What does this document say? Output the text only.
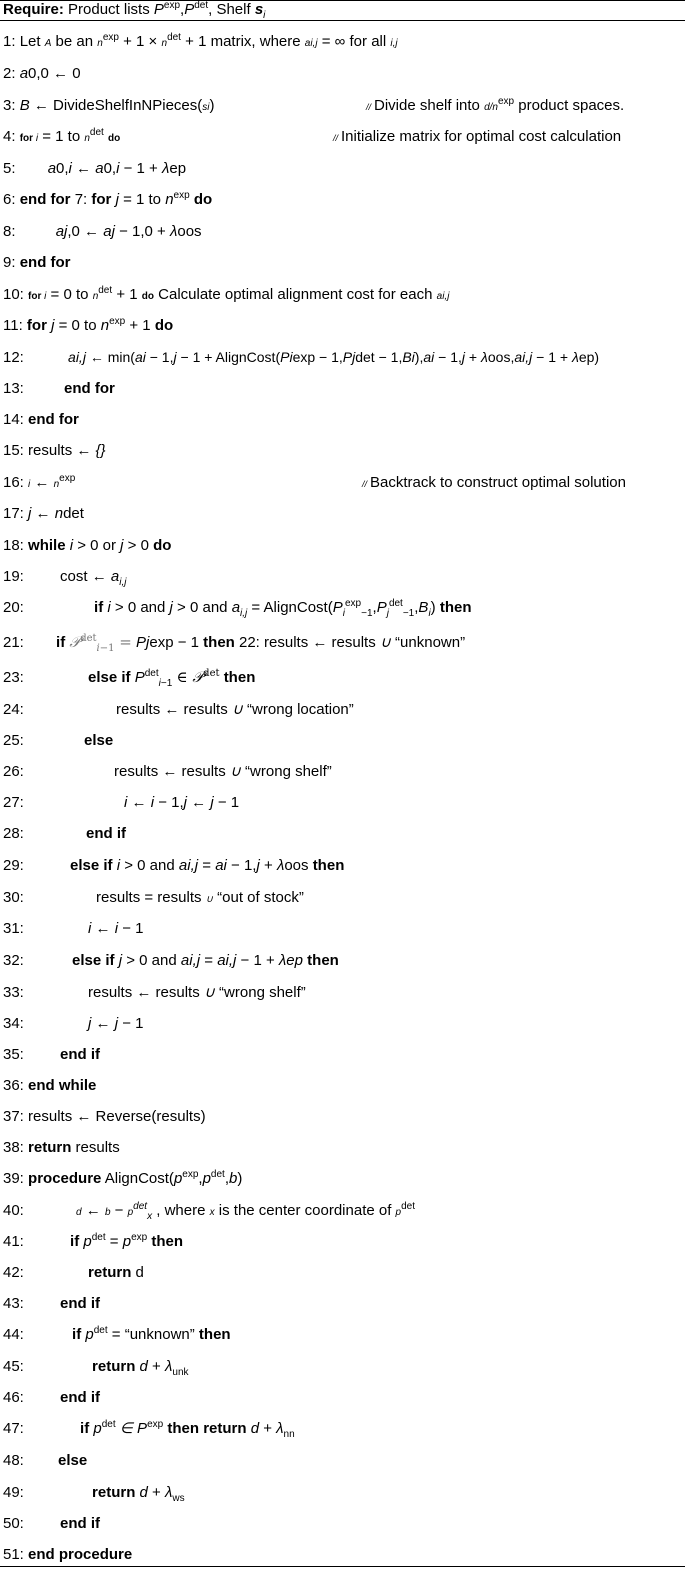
Require: Product lists $P^{exp},P^{det}$, Shelf $s_i$
1: Let A be an $n^{exp} + 1 \times n^{det} + 1$ matrix, where ai,j = ∞ for all i,j
2: a0,0 ← 0
3: B ← DivideShelfInNPieces(si)	// Divide shelf into $d/n^{exp}$ product spaces.
4: for i = 1 to $n^{det}$ do	// Initialize matrix for optimal cost calculation
5: a0,i ← a0,i − 1 + λep
6: end for 7: for j = 1 to $n^{exp}$ do
8:	aj,0 ← aj − 1,0 + λoos
9: end for
10: for i = 0 to $n^{det} + 1$ do Calculate optimal alignment cost for each ai,j
11: for j = 0 to $n^{exp} + 1$ do
12:	ai,j ← min(ai − 1,j − 1 + AlignCost(Piexp − 1,Pjdet − 1,Bi),ai − 1,j + λoos,ai,j − 1 + λep)
13:	end for
14: end for
15: results ← {}
16: i ← $n^{exp}$	// Backtrack to construct optimal solution
17: j ← ndet
18: while i > 0 or j > 0 do
19: cost ← $a_{i,j}$
20:	if i > 0 and j > 0 and $a_{i,j}$ = $AlignCost(P_i^{exp}_{-1},P_j^{det}_{-1},B_i)$ then
21: if 𝒫$^{det}_{i-1}$ = Pjexp − 1 then 22: results ← results ∪ “unknown”
23:	else if $P^{det}_{i-1}$ ∈ 𝒫$^{det}$ then
24:	results ← results ∪ “wrong location”
25:	else
26:	results ← results ∪ “wrong shelf”
27:	i ← i − 1,j ← j − 1
28:	end if
29:	else if i > 0 and ai,j = ai − 1,j + λoos then
30:	results = results ∪ “out of stock”
31:	i ← i − 1
32:	else if j > 0 and ai,j = ai,j − 1 + λep then
33:	results ← results ∪ “wrong shelf”
34:	j ← j − 1
35: end if
36: end while
37: results ← Reverse(results)
38: return results
39: procedure $AlignCost(p^{exp},p^{det},b)$
40:	d ← $b - p^{det}_x$ , where x is the center coordinate of $p^{det}$
41:	if $p^{det} = p^{exp}$ then
42:	return d
43: end if
44:	if $p^{det}$ = “unknown” then
45:	return $d + \lambda_{unk}$
46: end if
47:	if $p^{det}$ ∈ $P^{exp}$ then return $d + \lambda_{nn}$
48: else
49:	return $d + \lambda_{ws}$
50: end if
51: end procedure
